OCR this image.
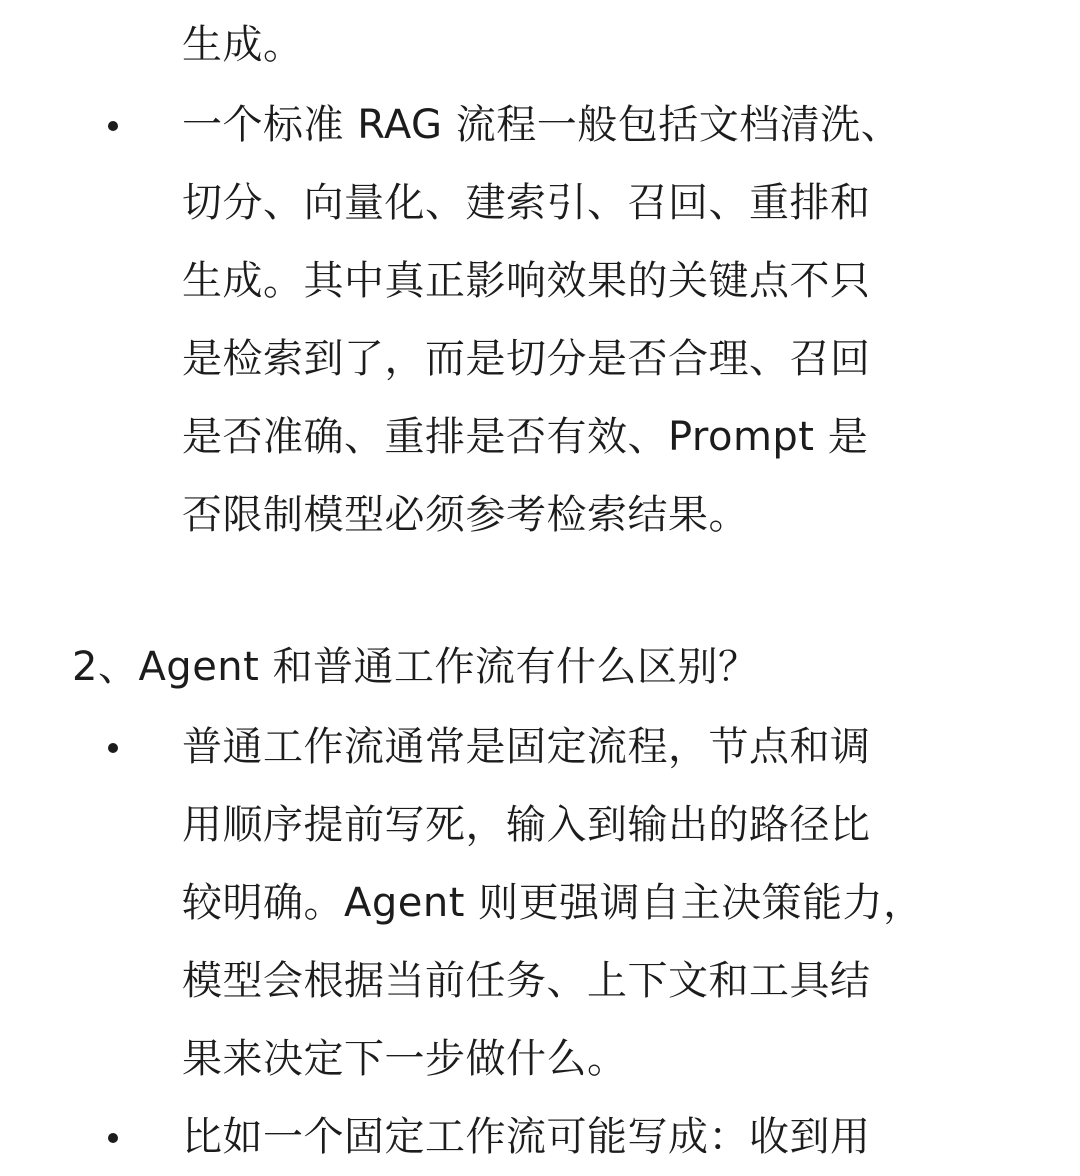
生成。
一个标准 RAG 流程一般包括文档清洗、
切分、向量化、建索引、召回、重排和
生成。其中真正影响效果的关键点不只
是检索到了，而是切分是否合理、召回
是否准确、重排是否有效、Prompt 是
否限制模型必须参考检索结果。
2、Agent 和普通工作流有什么区别？
普通工作流通常是固定流程，节点和调
用顺序提前写死，输入到输出的路径比
较明确。Agent 则更强调自主决策能力，
模型会根据当前任务、上下文和工具结
果来决定下一步做什么。
比如一个固定工作流可能写成：收到用
